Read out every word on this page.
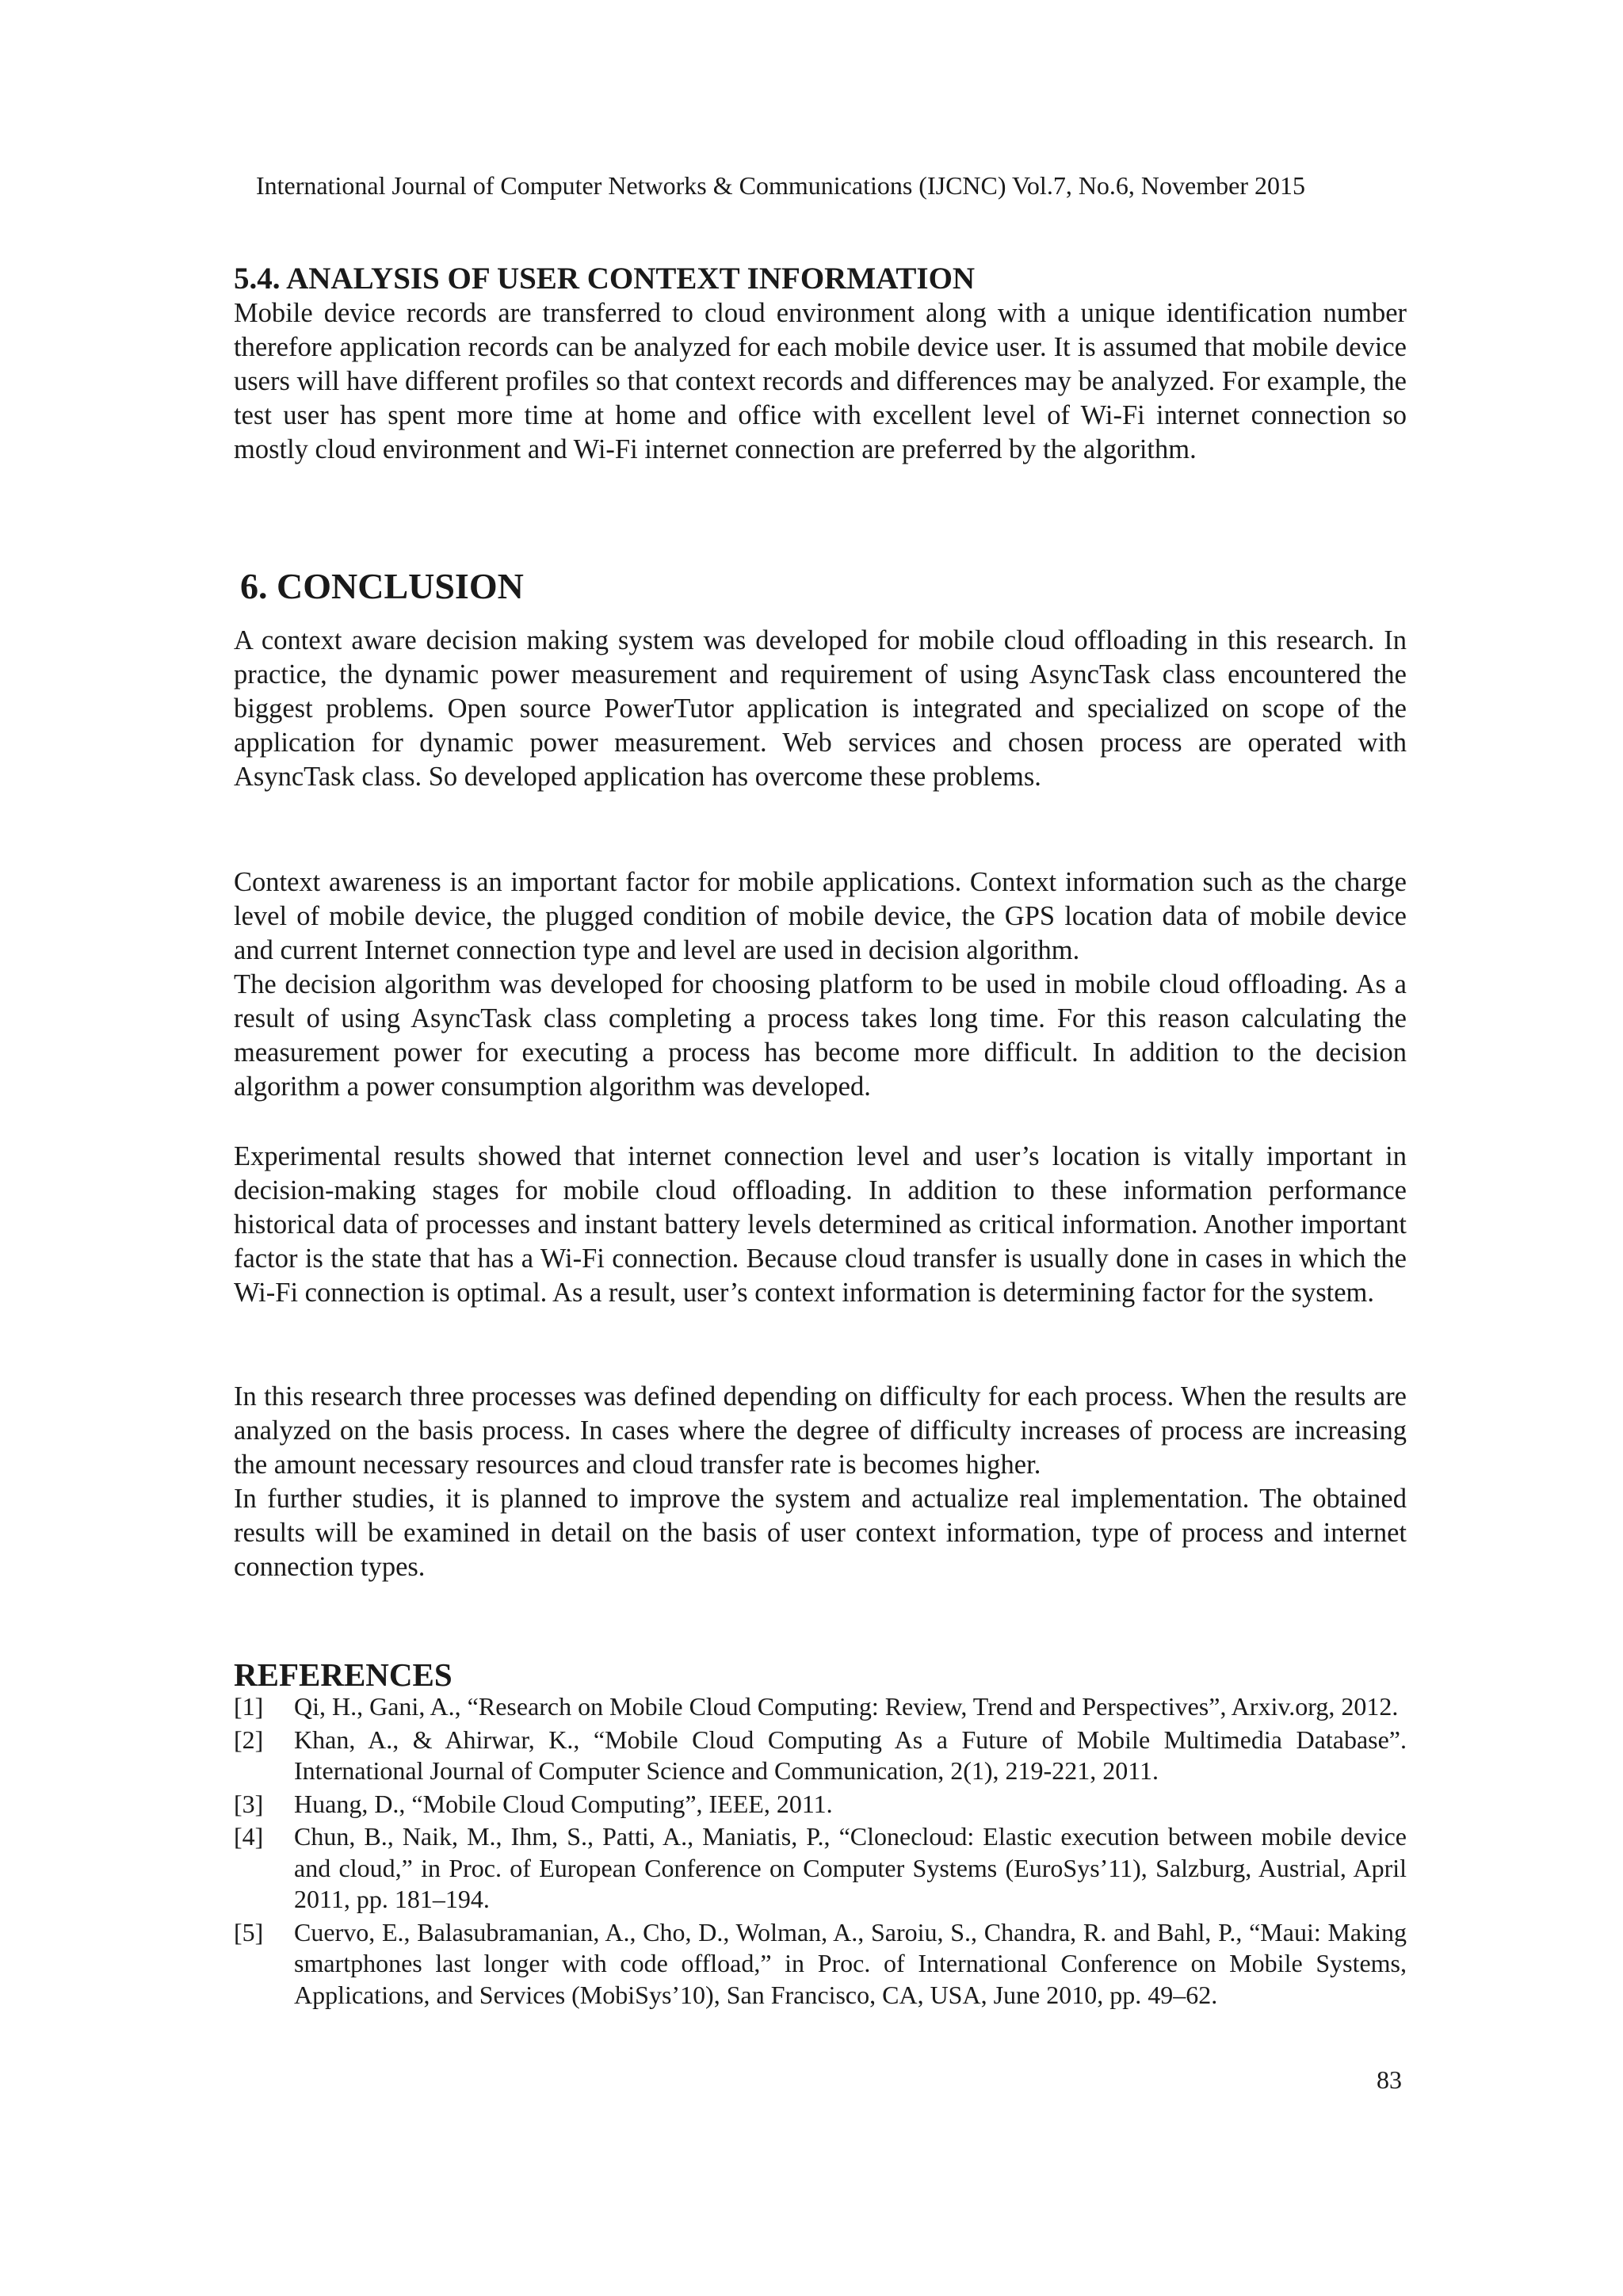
International Journal of Computer Networks & Communications (IJCNC) Vol.7, No.6, November 2015
5.4. ANALYSIS OF USER CONTEXT INFORMATION

Mobile device records are transferred to cloud environment along with a unique identification number therefore application records can be analyzed for each mobile device user. It is assumed that mobile device users will have different profiles so that context records and differences may be analyzed. For example, the test user has spent more time at home and office with excellent level of Wi-Fi internet connection so mostly cloud environment and Wi-Fi internet connection are preferred by the algorithm.

6. CONCLUSION

A context aware decision making system was developed for mobile cloud offloading in this research. In practice, the dynamic power measurement and requirement of using AsyncTask class encountered the biggest problems. Open source PowerTutor application is integrated and specialized on scope of the application for dynamic power measurement. Web services and chosen process are operated with AsyncTask class. So developed application has overcome these problems.

Context awareness is an important factor for mobile applications. Context information such as the charge level of mobile device, the plugged condition of mobile device, the GPS location data of mobile device and current Internet connection type and level are used in decision algorithm.
The decision algorithm was developed for choosing platform to be used in mobile cloud offloading. As a result of using AsyncTask class completing a process takes long time. For this reason calculating the measurement power for executing a process has become more difficult. In addition to the decision algorithm a power consumption algorithm was developed.

Experimental results showed that internet connection level and user’s location is vitally important in decision-making stages for mobile cloud offloading. In addition to these information performance historical data of processes and instant battery levels determined as critical information. Another important factor is the state that has a Wi-Fi connection. Because cloud transfer is usually done in cases in which the Wi-Fi connection is optimal. As a result, user’s context information is determining factor for the system.

In this research three processes was defined depending on difficulty for each process. When the results are analyzed on the basis process. In cases where the degree of difficulty increases of process are increasing the amount necessary resources and cloud transfer rate is becomes higher.
In further studies, it is planned to improve the system and actualize real implementation. The obtained results will be examined in detail on the basis of user context information, type of process and internet connection types.
REFERENCES
[1]	Qi, H., Gani, A., “Research on Mobile Cloud Computing: Review, Trend and Perspectives”, Arxiv.org, 2012.
[2]	Khan, A., & Ahirwar, K., “Mobile Cloud Computing As a Future of Mobile Multimedia Database”. International Journal of Computer Science and Communication, 2(1), 219-221, 2011.
[3]	Huang, D., “Mobile Cloud Computing”, IEEE, 2011.
[4]	Chun, B., Naik, M., Ihm, S., Patti, A., Maniatis, P., “Clonecloud: Elastic execution between mobile device and cloud,” in Proc. of European Conference on Computer Systems (EuroSys’11), Salzburg, Austrial, April 2011, pp. 181–194.
[5]	Cuervo, E., Balasubramanian, A., Cho, D., Wolman, A., Saroiu, S., Chandra, R. and Bahl, P., “Maui: Making smartphones last longer with code offload,” in Proc. of International Conference on Mobile Systems, Applications, and Services (MobiSys’10), San Francisco, CA, USA, June 2010, pp. 49–62.
83
